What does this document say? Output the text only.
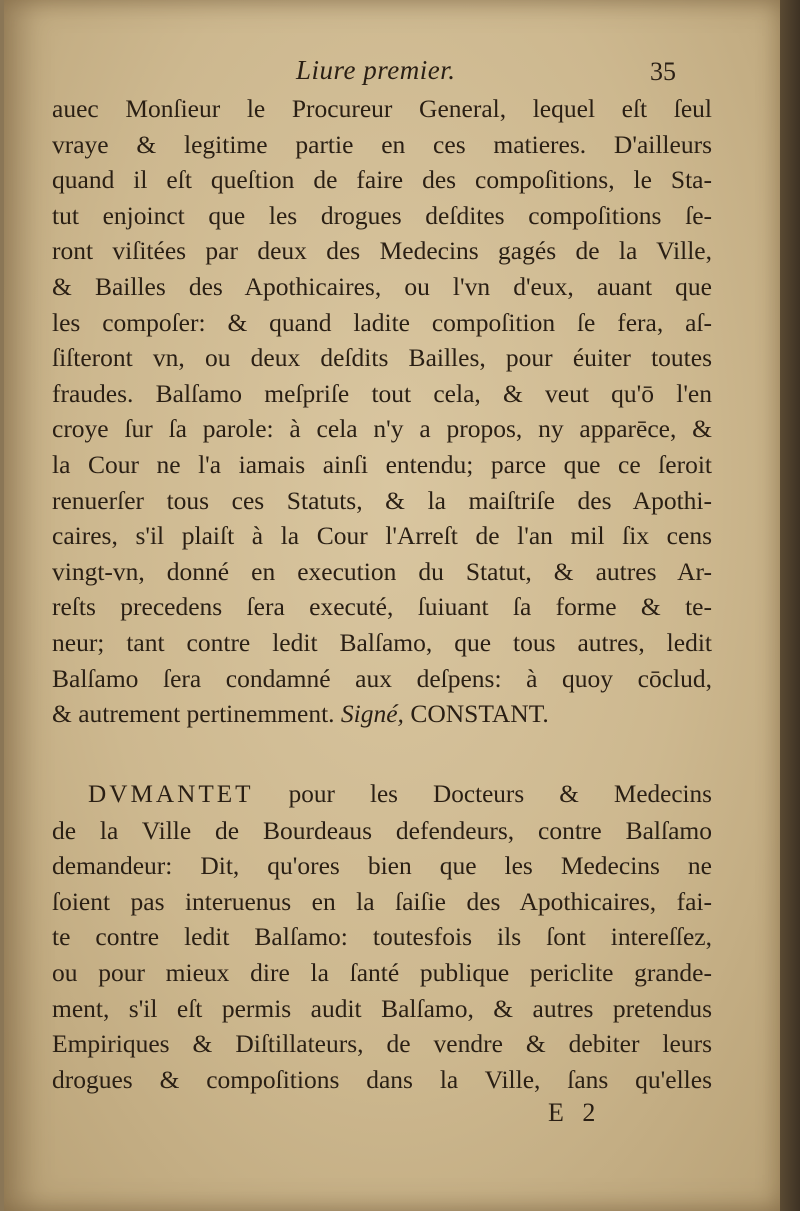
Liure premier.	35
auec Monſieur le Procureur General, lequel eſt ſeul
vraye & legitime partie en ces matieres. D'ailleurs
quand il eſt queſtion de faire des compoſitions, le Sta-
tut enjoinct que les drogues deſdites compoſitions ſe-
ront viſitées par deux des Medecins gagés de la Ville,
& Bailles des Apothicaires, ou l'vn d'eux, auant que
les compoſer: & quand ladite compoſition ſe fera, aſ-
ſiſteront vn, ou deux deſdits Bailles, pour éuiter toutes
fraudes. Balſamo meſpriſe tout cela, & veut qu'ō l'en
croye ſur ſa parole: à cela n'y a propos, ny apparēce, &
la Cour ne l'a iamais ainſi entendu; parce que ce ſeroit
renuerſer tous ces Statuts, & la maiſtriſe des Apothi-
caires, s'il plaiſt à la Cour l'Arreſt de l'an mil ſix cens
vingt-vn, donné en execution du Statut, & autres Ar-
reſts precedens ſera executé, ſuiuant ſa forme & te-
neur; tant contre ledit Balſamo, que tous autres, ledit
Balſamo ſera condamné aux deſpens: à quoy cōclud,
& autrement pertinemment. Signé, CONSTANT.
DVMANTET pour les Docteurs & Medecins
de la Ville de Bourdeaus defendeurs, contre Balſamo
demandeur: Dit, qu'ores bien que les Medecins ne
ſoient pas interuenus en la ſaiſie des Apothicaires, fai-
te contre ledit Balſamo: toutesfois ils ſont intereſſez,
ou pour mieux dire la ſanté publique periclite grande-
ment, s'il eſt permis audit Balſamo, & autres pretendus
Empiriques & Diſtillateurs, de vendre & debiter leurs
drogues & compoſitions dans la Ville, ſans qu'elles
E 2
